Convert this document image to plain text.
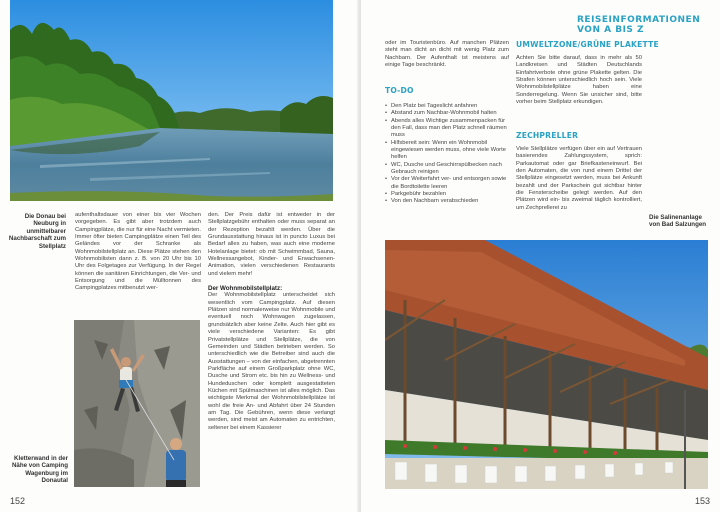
Die Donau bei Neuburg in unmittelbarer Nachbarschaft zum Stellplatz

aufenthaltsdauer von einer bis vier Wochen vorgegeben. Es gibt aber trotzdem auch Campingplätze, die nur für eine Nacht vermieten. Immer öfter bieten Campingplätze einen Teil des Geländes vor der Schranke als Wohnmobilstellplatz an. Diese Plätze stehen den Wohnmobilisten dann z. B. von 20 Uhr bis 10 Uhr des Folgetages zur Verfügung. In der Regel können die sanitären Einrichtungen, die Ver- und Entsorgung und die Mülltonnen des Campingplatzes mitbenutzt wer-

den. Der Preis dafür ist entweder in der Stellplatzgebühr enthalten oder muss separat an der Rezeption bezahlt werden. Über die Grundausstattung hinaus ist in puncto Luxus bei Bedarf alles zu haben, was auch eine moderne Hotelanlage bietet: ob mit Schwimmbad, Sauna, Wellnessangebot, Kinder- und Erwachsenen-Animation, vielen verschiedenen Restaurants und vielem mehr!

Der Wohnmobilstellplatz:

Der Wohnmobilstellplatz unterscheidet sich wesentlich vom Campingplatz. Auf diesen Plätzen sind normalerweise nur Wohnmobile und eventuell noch Wohnwagen zugelassen, grundsätzlich aber keine Zelte. Auch hier gibt es viele verschiedene Varianten: Es gibt Privatstellplätze und Stellplätze, die von Gemeinden und Städten betrieben werden. So unterschiedlich wie die Betreiber sind auch die Ausstattungen – von der einfachen, abgetrennten Parkfläche auf einem Großparkplatz ohne WC, Dusche und Strom etc. bis hin zu Wellness- und Hundeduschen oder komplett ausgestatteten Küchen mit Spülmaschinen ist alles möglich. Das wichtigste Merkmal der Wohnmobilstellplätze ist wohl die freie An- und Abfahrt über 24 Stunden am Tag. Die Gebühren, wenn diese verlangt werden, sind meist am Automaten zu entrichten, seltener bei einem Kassierer

Kletterwand in der Nähe von Camping Wagenburg im Donautal
152
REISEINFORMATIONEN VON A BIS Z

oder im Touristenbüro. Auf manchen Plätzen steht man dicht an dicht mit wenig Platz zum Nachbarn. Der Aufenthalt ist meistens auf einige Tage beschränkt.

TO-DO
• Den Platz bei Tageslicht anfahren
• Abstand zum Nachbar-Wohnmobil halten
• Abends alles Wichtige zusammenpacken für den Fall, dass man den Platz schnell räumen muss
• Hilfsbereit sein: Wenn ein Wohnmobil eingewiesen werden muss, ohne viele Worte helfen
• WC, Dusche und Geschirrspülbecken nach Gebrauch reinigen
• Vor der Weiterfahrt ver- und entsorgen sowie die Bordtoilette leeren
• Parkgebühr bezahlen
• Von den Nachbarn verabschieden
UMWELTZONE/GRÜNE PLAKETTE

Achten Sie bitte darauf, dass in mehr als 50 Landkreisen und Städten Deutschlands Einfahrtverbote ohne grüne Plakette gelten. Die Strafen können unterschiedlich hoch sein. Viele Wohnmobilstellplätze haben eine Sonderregelung. Wenn Sie unsicher sind, bitte vorher beim Stellplatz erkundigen.

ZECHPRELLER

Viele Stellplätze verfügen über ein auf Vertrauen basierendes Zahlungssystem, sprich: Parkautomat oder gar Briefkasteneinwurf. Bei den Automaten, die von rund einem Drittel der Stellplätze eingesetzt werden, muss bei Ankunft bezahlt und der Parkschein gut sichtbar hinter die Fensterscheibe gelegt werden. Auf den Plätzen wird ein- bis zweimal täglich kontrolliert, um Zechprellerei zu

Die Salinenanlage von Bad Salzungen
153
